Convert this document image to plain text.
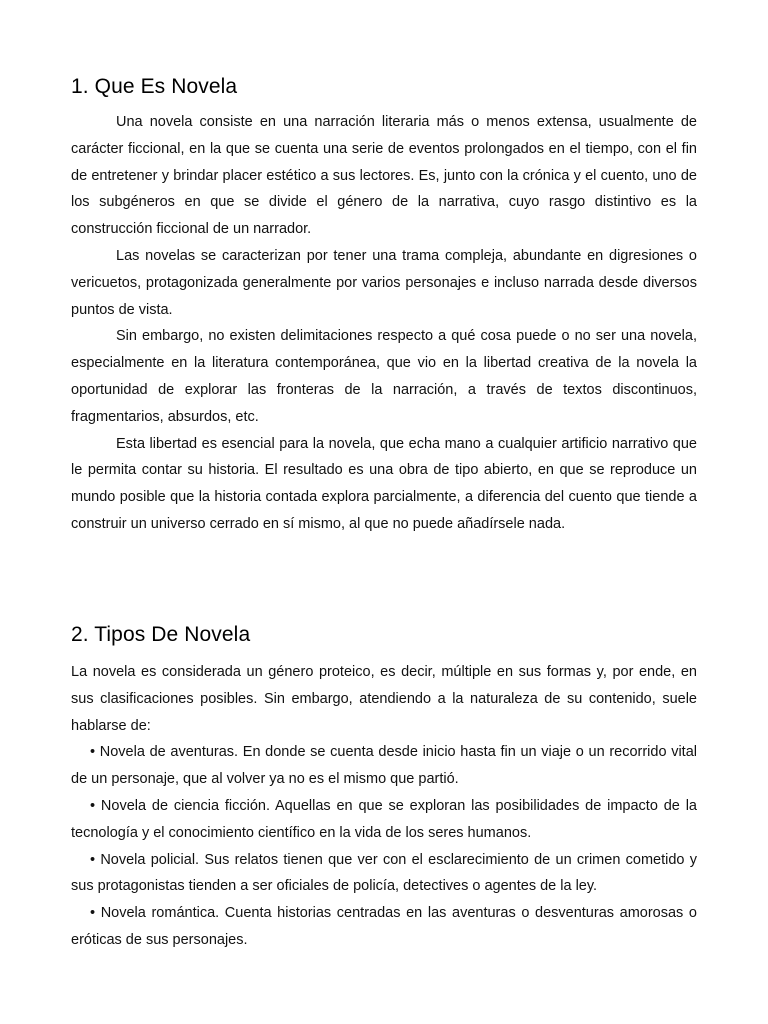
1. Que Es Novela

Una novela consiste en una narración literaria más o menos extensa, usualmente de carácter ficcional, en la que se cuenta una serie de eventos prolongados en el tiempo, con el fin de entretener y brindar placer estético a sus lectores. Es, junto con la crónica y el cuento, uno de los subgéneros en que se divide el género de la narrativa, cuyo rasgo distintivo es la construcción ficcional de un narrador.

Las novelas se caracterizan por tener una trama compleja, abundante en digresiones o vericuetos, protagonizada generalmente por varios personajes e incluso narrada desde diversos puntos de vista.

Sin embargo, no existen delimitaciones respecto a qué cosa puede o no ser una novela, especialmente en la literatura contemporánea, que vio en la libertad creativa de la novela la oportunidad de explorar las fronteras de la narración, a través de textos discontinuos, fragmentarios, absurdos, etc.

Esta libertad es esencial para la novela, que echa mano a cualquier artificio narrativo que le permita contar su historia. El resultado es una obra de tipo abierto, en que se reproduce un mundo posible que la historia contada explora parcialmente, a diferencia del cuento que tiende a construir un universo cerrado en sí mismo, al que no puede añadírsele nada.

2. Tipos De Novela

La novela es considerada un género proteico, es decir, múltiple en sus formas y, por ende, en sus clasificaciones posibles. Sin embargo, atendiendo a la naturaleza de su contenido, suele hablarse de:

• Novela de aventuras. En donde se cuenta desde inicio hasta fin un viaje o un recorrido vital de un personaje, que al volver ya no es el mismo que partió.

• Novela de ciencia ficción. Aquellas en que se exploran las posibilidades de impacto de la tecnología y el conocimiento científico en la vida de los seres humanos.

• Novela policial. Sus relatos tienen que ver con el esclarecimiento de un crimen cometido y sus protagonistas tienden a ser oficiales de policía, detectives o agentes de la ley.

• Novela romántica. Cuenta historias centradas en las aventuras o desventuras amorosas o eróticas de sus personajes.
